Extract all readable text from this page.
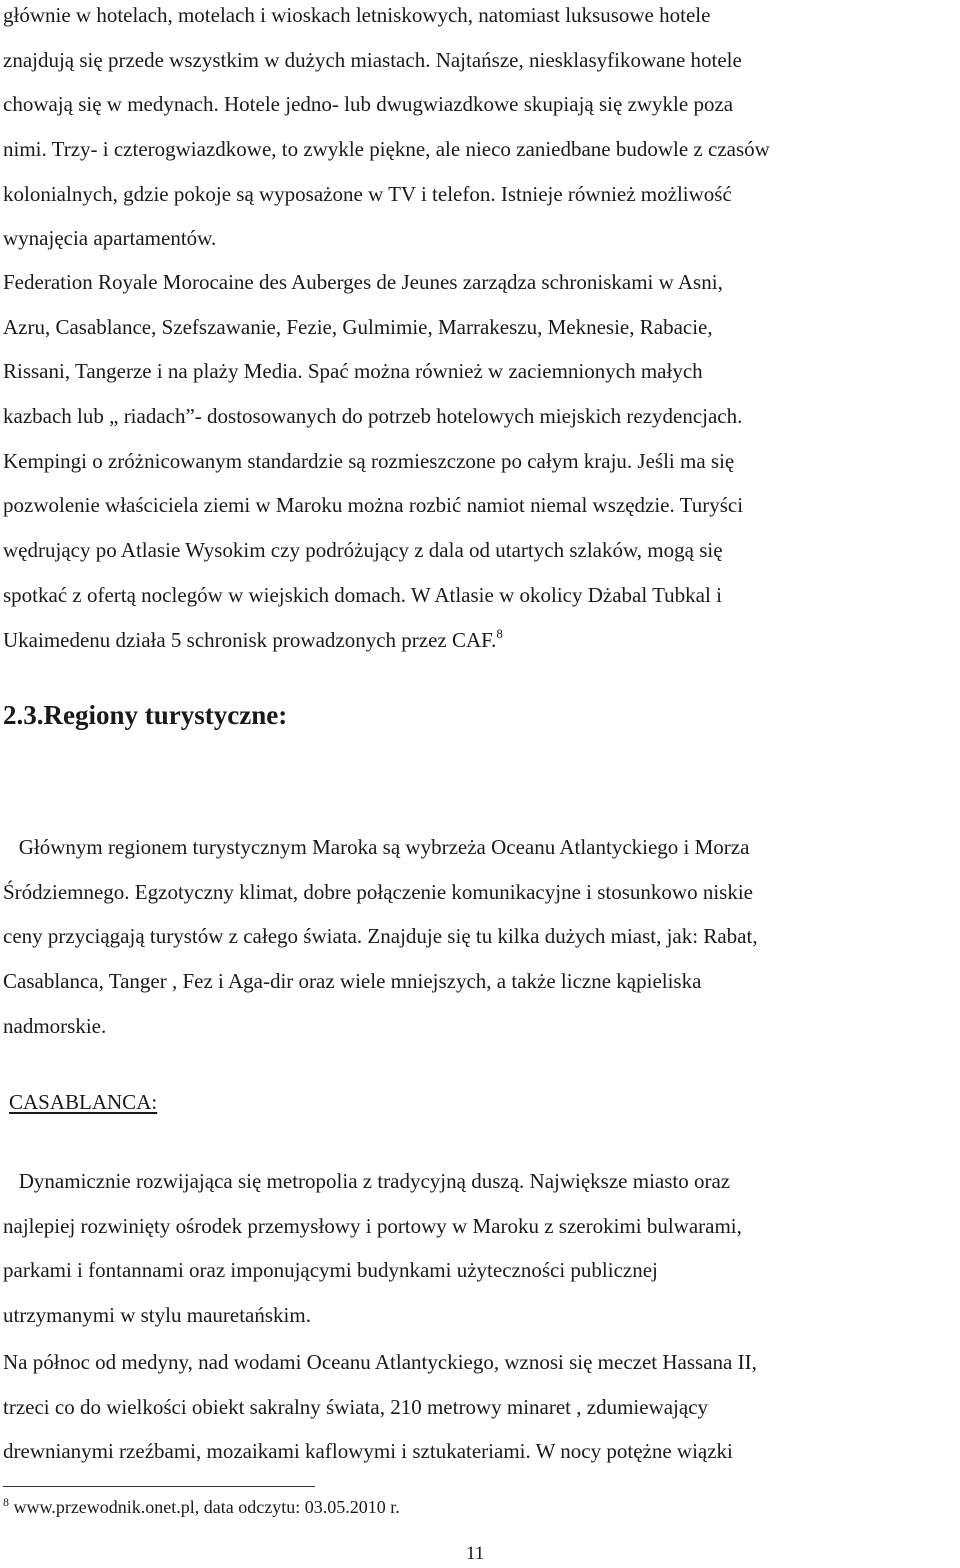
głównie w hotelach, motelach i wioskach letniskowych, natomiast luksusowe hotele
znajdują się przede wszystkim w dużych miastach. Najtańsze, niesklasyfikowane hotele
chowają się w medynach. Hotele jedno- lub dwugwiazdkowe skupiają się zwykle poza
nimi. Trzy- i czterogwiazdkowe, to zwykle piękne, ale nieco zaniedbane budowle z czasów
kolonialnych, gdzie pokoje są wyposażone w TV i telefon. Istnieje również możliwość
wynajęcia apartamentów.
Federation Royale Morocaine des Auberges de Jeunes zarządza schroniskami w Asni,
Azru, Casablance, Szefszawanie, Fezie, Gulmimie, Marrakeszu, Meknesie, Rabacie,
Rissani, Tangerze i na plaży Media. Spać można również w zaciemnionych małych
kazbach lub „ riadach”- dostosowanych do potrzeb hotelowych miejskich rezydencjach.
Kempingi o zróżnicowanym standardzie są rozmieszczone po całym kraju. Jeśli ma się
pozwolenie właściciela ziemi w Maroku można rozbić namiot niemal wszędzie. Turyści
wędrujący po Atlasie Wysokim czy podróżujący z dala od utartych szlaków, mogą się
spotkać z ofertą noclegów w wiejskich domach. W Atlasie w okolicy Dżabal Tubkal i
Ukaimedenu działa 5 schronisk prowadzonych przez CAF.$^8$
2.3.Regiony turystyczne:
Głównym regionem turystycznym Maroka są wybrzeża Oceanu Atlantyckiego i Morza
Śródziemnego. Egzotyczny klimat, dobre połączenie komunikacyjne i stosunkowo niskie
ceny przyciągają turystów z całego świata. Znajduje się tu kilka dużych miast, jak: Rabat,
Casablanca, Tanger , Fez i Aga-dir oraz wiele mniejszych, a także liczne kąpieliska
nadmorskie.

CASABLANCA:

Dynamicznie rozwijająca się metropolia z tradycyjną duszą. Największe miasto oraz
najlepiej rozwinięty ośrodek przemysłowy i portowy w Maroku z szerokimi bulwarami,
parkami i fontannami oraz imponującymi budynkami użyteczności publicznej
utrzymanymi w stylu mauretańskim.
Na północ od medyny, nad wodami Oceanu Atlantyckiego, wznosi się meczet Hassana II,
trzeci co do wielkości obiekt sakralny świata, 210 metrowy minaret , zdumiewający
drewnianymi rzeźbami, mozaikami kaflowymi i sztukateriami. W nocy potężne wiązki

$^8$ www.przewodnik.onet.pl, data odczytu: 03.05.2010 r.

11
